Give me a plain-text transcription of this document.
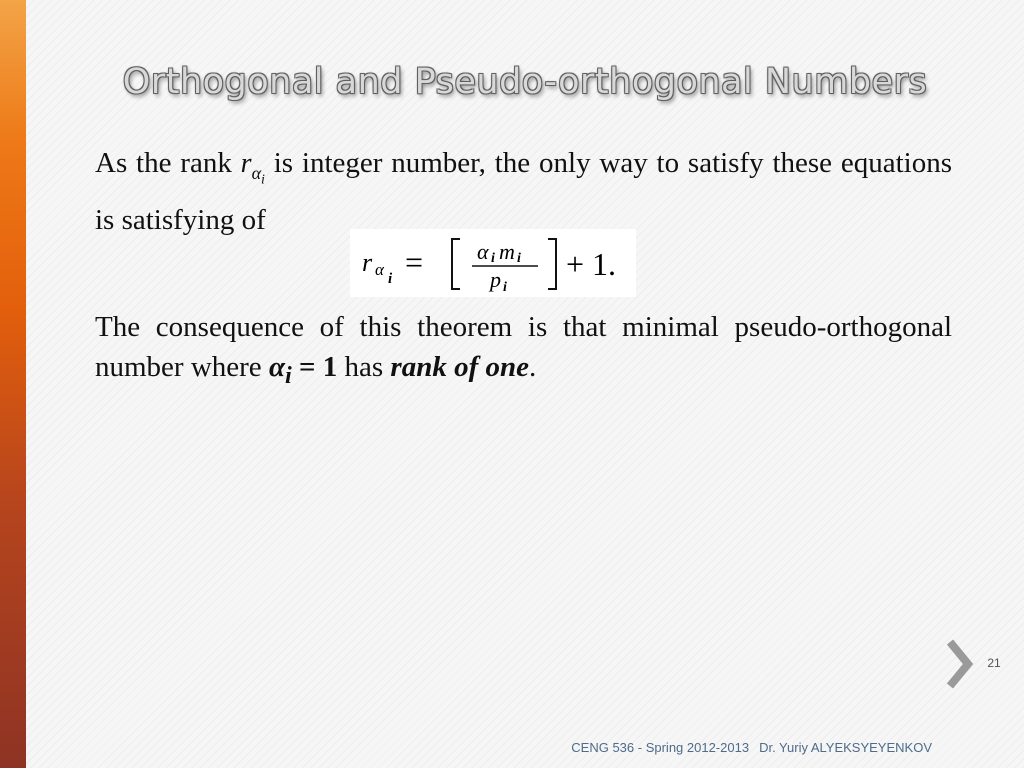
Orthogonal and Pseudo-orthogonal Numbers

As the rank $r_{\alpha_i}$ is integer number, the only way to satisfy these equations is satisfying of

r α i = α i m i
p i
+ 1.

The consequence of this theorem is that minimal pseudo-orthogonal number where $\alpha_i = 1$ has rank of one.

21
CENG 536 - Spring 2012-2013 Dr. Yuriy ALYEKSYEYENKOV
